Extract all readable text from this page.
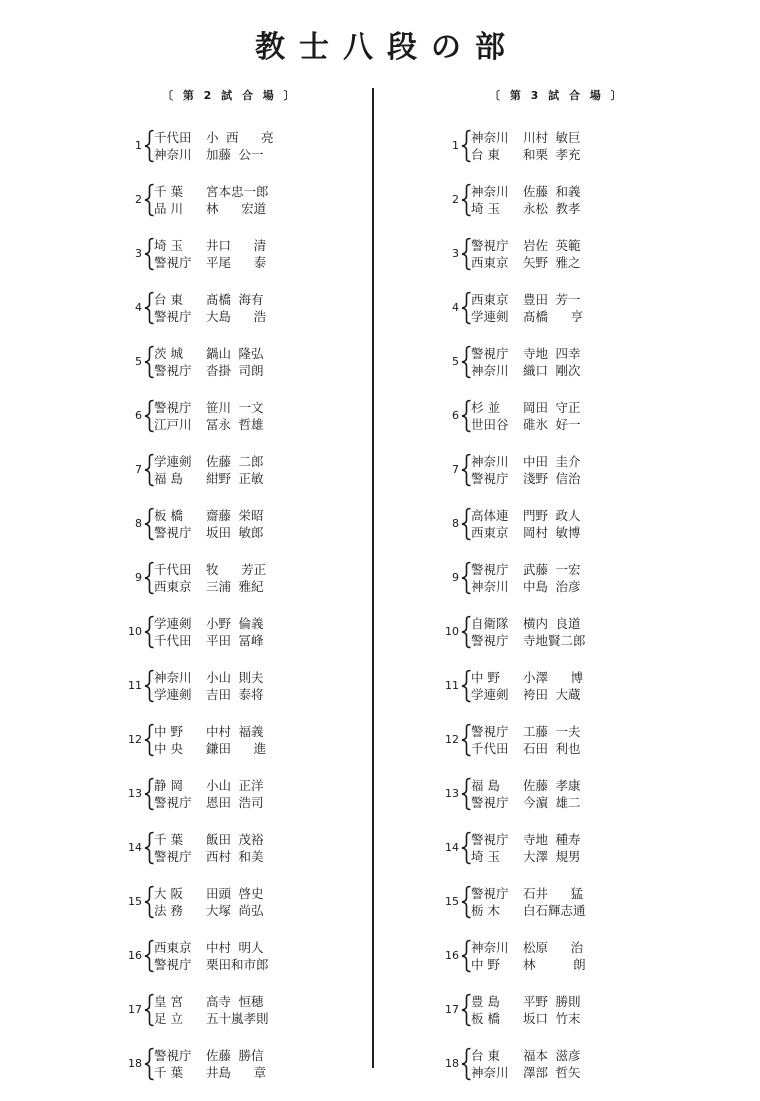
教士八段の部
〔 第 2 試 合 場 〕
1
千代田	小 西   亮
神奈川	加藤 公一
2
千 葉	宮本忠一郎
品 川	林   宏道
3
埼 玉	井口   清
警視庁	平尾   泰
4
台 東	髙橋 海有
警視庁	大島   浩
5
茨 城	鍋山 隆弘
警視庁	沓掛 司朗
6
警視庁	笹川 一文
江戸川	冨永 哲雄
7
学連剣	佐藤 二郎
福 島	紺野 正敏
8
板 橋	齋藤 栄昭
警視庁	坂田 敏郎
9
千代田	牧   芳正
西東京	三浦 雅紀
10
学連剣	小野 倫義
千代田	平田 冨峰
11
神奈川	小山 則夫
学連剣	吉田 泰将
12
中 野	中村 福義
中 央	鎌田   進
13
静 岡	小山 正洋
警視庁	恩田 浩司
14
千 葉	飯田 茂裕
警視庁	西村 和美
15
大 阪	田頭 啓史
法 務	大塚 尚弘
16
西東京	中村 明人
警視庁	栗田和市郎
17
皇 宮	高寺 恒穂
足 立	五十嵐孝則
18
警視庁	佐藤 勝信
千 葉	井島   章
〔 第 3 試 合 場 〕
1
神奈川	川村 敏巨
台 東	和栗 孝充
2
神奈川	佐藤 和義
埼 玉	永松 教孝
3
警視庁	岩佐 英範
西東京	矢野 雅之
4
西東京	豊田 芳一
学連剣	髙橋   亨
5
警視庁	寺地 四幸
神奈川	織口 剛次
6
杉 並	岡田 守正
世田谷	碓氷 好一
7
神奈川	中田 圭介
警視庁	淺野 信治
8
高体連	門野 政人
西東京	岡村 敏博
9
警視庁	武藤 一宏
神奈川	中島 治彦
10
自衛隊	横内 良道
警視庁	寺地賢二郎
11
中 野	小澤   博
学連剣	袴田 大蔵
12
警視庁	工藤 一夫
千代田	石田 利也
13
福 島	佐藤 孝康
警視庁	今濵 雄二
14
警視庁	寺地 種寿
埼 玉	大澤 規男
15
警視庁	石井   猛
栃 木	白石輝志通
16
神奈川	松原   治
中 野	林     朗
17
豊 島	平野 勝則
板 橋	坂口 竹末
18
台 東	福本 滋彦
神奈川	澤部 哲矢
